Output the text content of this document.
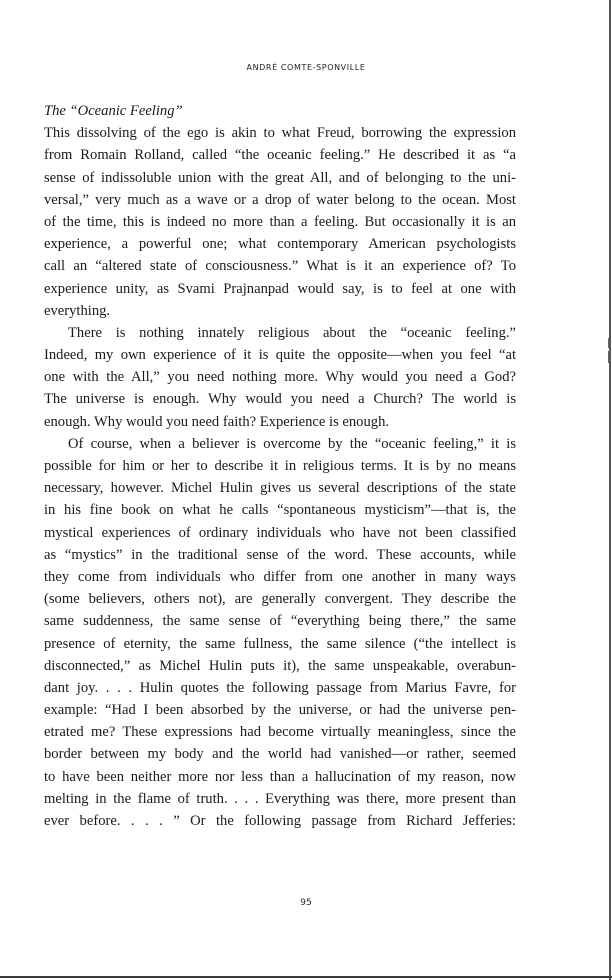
ANDRÉ COMTE-SPONVILLE
The “Oceanic Feeling”

This dissolving of the ego is akin to what Freud, borrowing the expression
from Romain Rolland, called “the oceanic feeling.” He described it as “a
sense of indissoluble union with the great All, and of belonging to the uni-
versal,” very much as a wave or a drop of water belong to the ocean. Most
of the time, this is indeed no more than a feeling. But occasionally it is an
experience, a powerful one; what contemporary American psychologists
call an “altered state of consciousness.” What is it an experience of? To
experience unity, as Svami Prajnanpad would say, is to feel at one with
everything.

There is nothing innately religious about the “oceanic feeling.”
Indeed, my own experience of it is quite the opposite—when you feel “at
one with the All,” you need nothing more. Why would you need a God?
The universe is enough. Why would you need a Church? The world is
enough. Why would you need faith? Experience is enough.

Of course, when a believer is overcome by the “oceanic feeling,” it is
possible for him or her to describe it in religious terms. It is by no means
necessary, however. Michel Hulin gives us several descriptions of the state
in his fine book on what he calls “spontaneous mysticism”—that is, the
mystical experiences of ordinary individuals who have not been classified
as “mystics” in the traditional sense of the word. These accounts, while
they come from individuals who differ from one another in many ways
(some believers, others not), are generally convergent. They describe the
same suddenness, the same sense of “everything being there,” the same
presence of eternity, the same fullness, the same silence (“the intellect is
disconnected,” as Michel Hulin puts it), the same unspeakable, overabun-
dant joy. . . . Hulin quotes the following passage from Marius Favre, for
example: “Had I been absorbed by the universe, or had the universe pen-
etrated me? These expressions had become virtually meaningless, since the
border between my body and the world had vanished—or rather, seemed
to have been neither more nor less than a hallucination of my reason, now
melting in the flame of truth. . . . Everything was there, more present than
ever before. . . . ” Or the following passage from Richard Jefferies:

95
